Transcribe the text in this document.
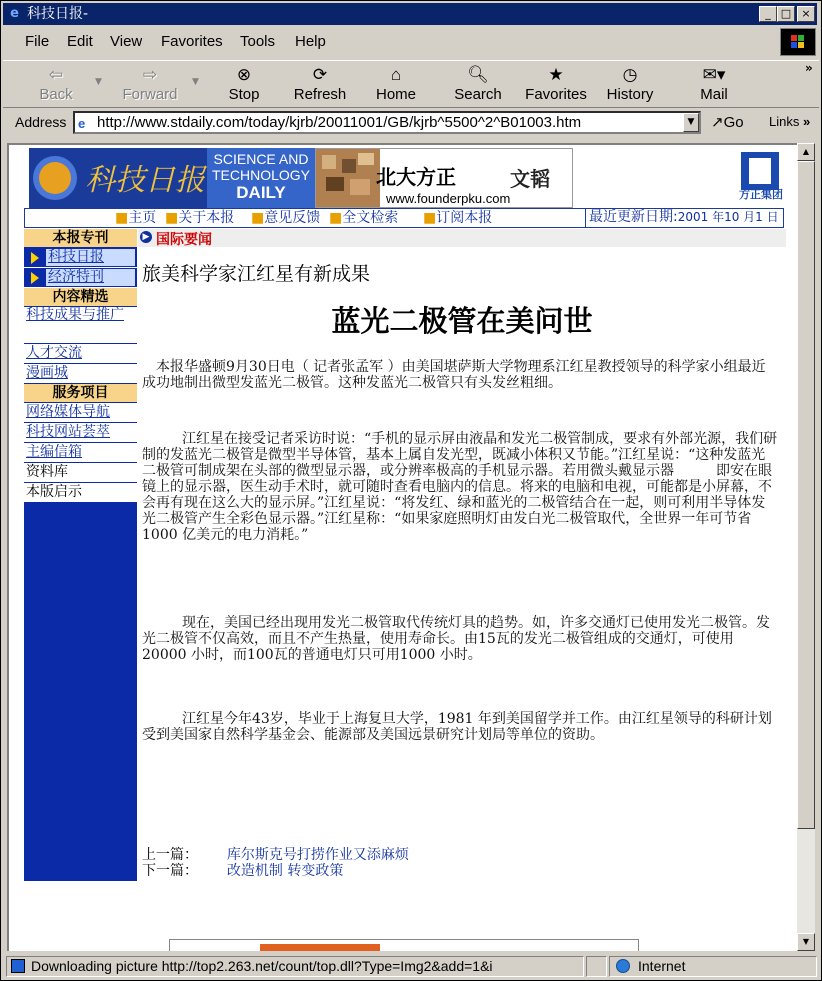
e 科技日报-	_ □ ×
File Edit View Favorites Tools Help
⇦
Back
▼	⇨
Forward
▼	⊗
Stop
⟳
Refresh
⌂
Home
🔍︎
Search
★
Favorites
◷
History
✉▾
Mail
»
Address e http://www.stdaily.com/today/kjrb/20011001/GB/kjrb^5500^2^B01003.htm	▼	↗Go Links »
科技日报
SCIENCE AND
TECHNOLOGY
DAILY
北大方正	文韬
www.founderpku.com	方正集团
■主页 ■关于本报 ■意见反馈 ■全文检索 ■订阅本报	最近更新日期:2001 年10 月1 日
本报专刊
科技日报
经济特刊
内容精选
科技成果与推广
人才交流
漫画城
服务项目
网络媒体导航
科技网站荟萃
主编信箱
资料库
本版启示
▶ 国际要闻
旅美科学家江红星有新成果
蓝光二极管在美问世
本报华盛顿9月30日电（ 记者张孟军 ）由美国堪萨斯大学物理系江红星教授领导的科学家小组最近成功地制出微型发蓝光二极管。这种发蓝光二极管只有头发丝粗细。
江红星在接受记者采访时说：“手机的显示屏由液晶和发光二极管制成，要求有外部光源，我们研制的发蓝光二极管是微型半导体管，基本上属自发光型，既减小体积又节能。”江红星说：“这种发蓝光二极管可制成架在头部的微型显示器，或分辨率极高的手机显示器。若用微头戴显示器　　　即安在眼镜上的显示器，医生动手术时，就可随时查看电脑内的信息。将来的电脑和电视，可能都是小屏幕，不会再有现在这么大的显示屏。”江红星说：“将发红、绿和蓝光的二极管结合在一起，则可利用半导体发光二极管产生全彩色显示器。”江红星称：“如果家庭照明灯由发白光二极管取代，全世界一年可节省1000 亿美元的电力消耗。”
现在，美国已经出现用发光二极管取代传统灯具的趋势。如，许多交通灯已使用发光二极管。发光二极管不仅高效，而且不产生热量，使用寿命长。由15瓦的发光二极管组成的交通灯，可使用20000 小时，而100瓦的普通电灯只可用1000 小时。
江红星今年43岁，毕业于上海复旦大学，1981 年到美国留学并工作。由江红星领导的科研计划受到美国家自然科学基金会、能源部及美国远景研究计划局等单位的资助。
上一篇： 库尔斯克号打捞作业又添麻烦
下一篇： 改造机制 转变政策
▲
▼
Downloading picture http://top2.263.net/count/top.dll?Type=Img2&add=1&i	Internet
